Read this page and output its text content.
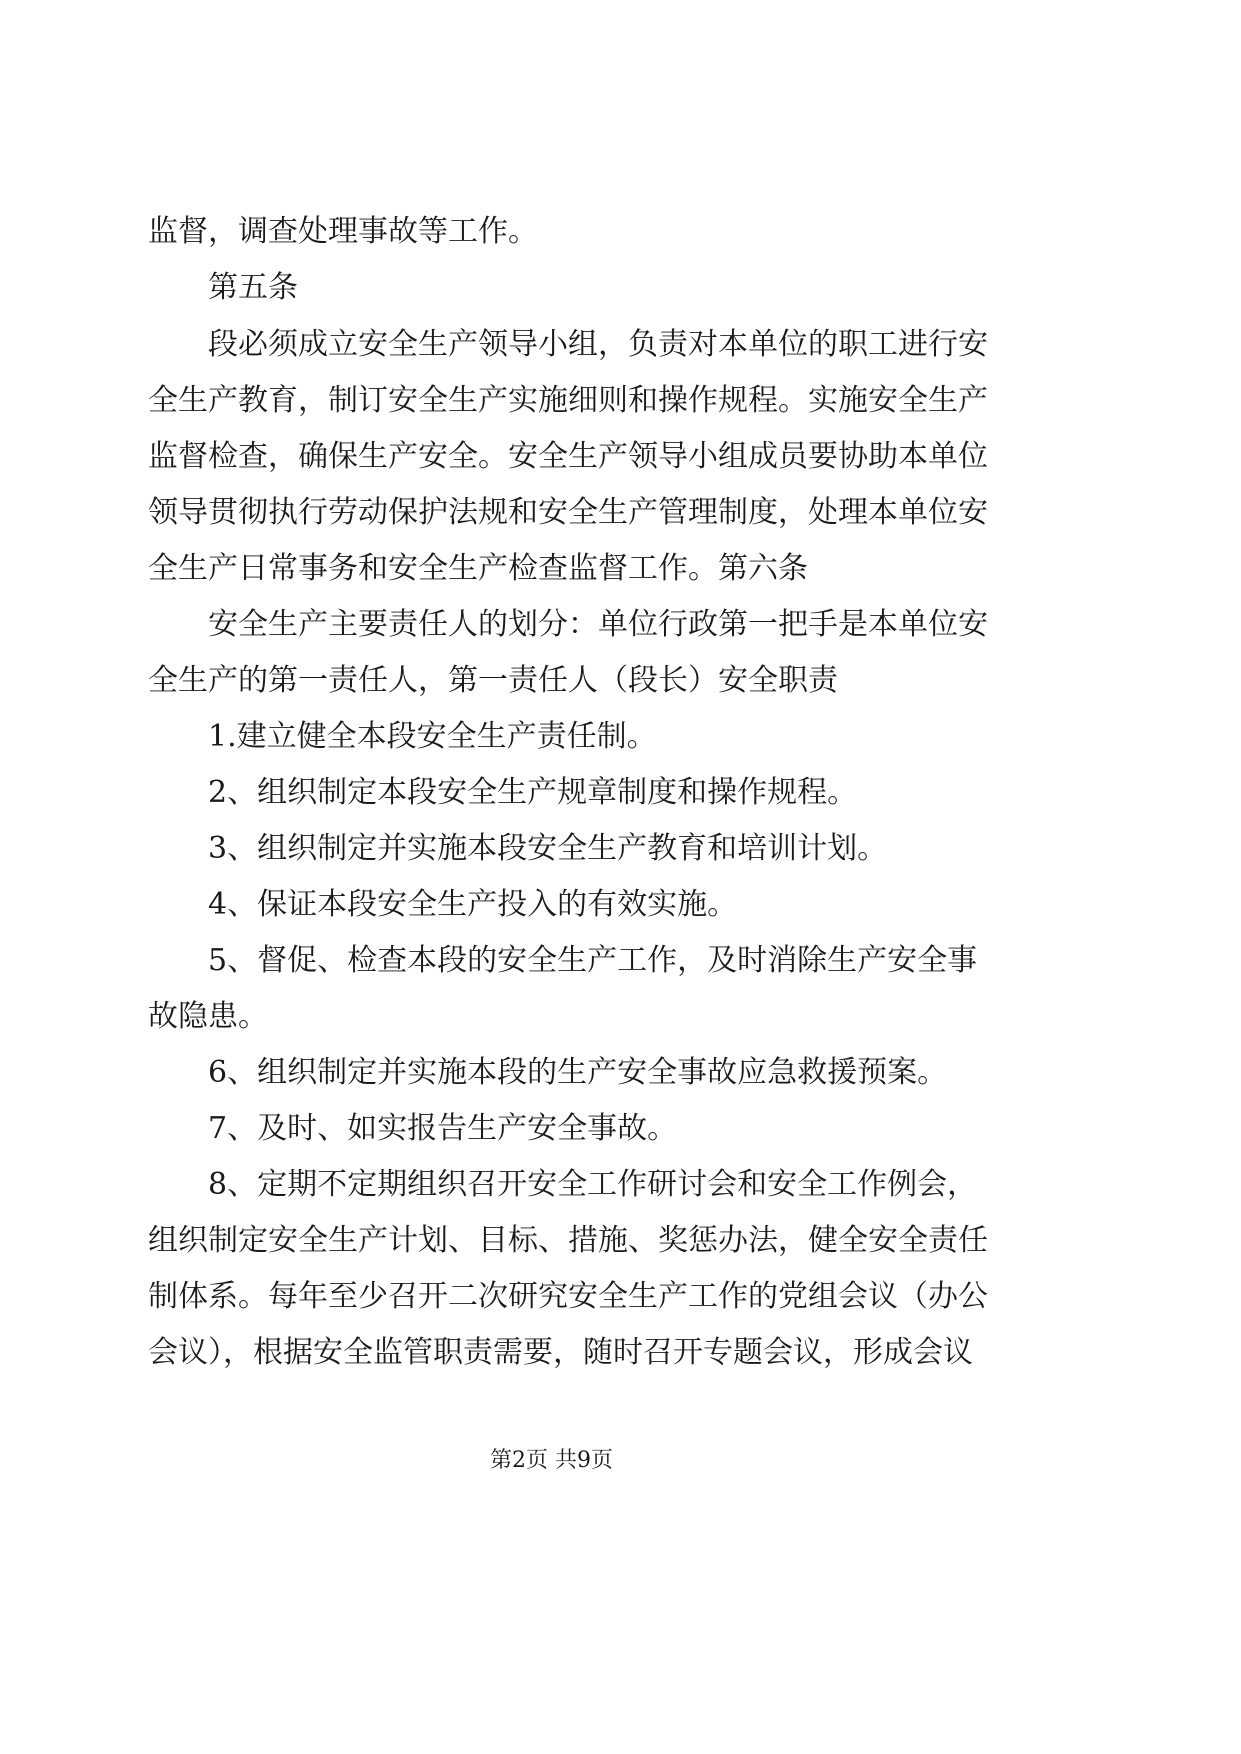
监督，调查处理事故等工作。
第五条
段必须成立安全生产领导小组，负责对本单位的职工进行安
全生产教育，制订安全生产实施细则和操作规程。实施安全生产
监督检查，确保生产安全。安全生产领导小组成员要协助本单位
领导贯彻执行劳动保护法规和安全生产管理制度，处理本单位安
全生产日常事务和安全生产检查监督工作。第六条
安全生产主要责任人的划分：单位行政第一把手是本单位安
全生产的第一责任人，第一责任人（段长）安全职责
1.建立健全本段安全生产责任制。
2、组织制定本段安全生产规章制度和操作规程。
3、组织制定并实施本段安全生产教育和培训计划。
4、保证本段安全生产投入的有效实施。
5、督促、检查本段的安全生产工作，及时消除生产安全事
故隐患。
6、组织制定并实施本段的生产安全事故应急救援预案。
7、及时、如实报告生产安全事故。
8、定期不定期组织召开安全工作研讨会和安全工作例会，
组织制定安全生产计划、目标、措施、奖惩办法，健全安全责任
制体系。每年至少召开二次研究安全生产工作的党组会议（办公
会议），根据安全监管职责需要，随时召开专题会议，形成会议
第2页 共9页
